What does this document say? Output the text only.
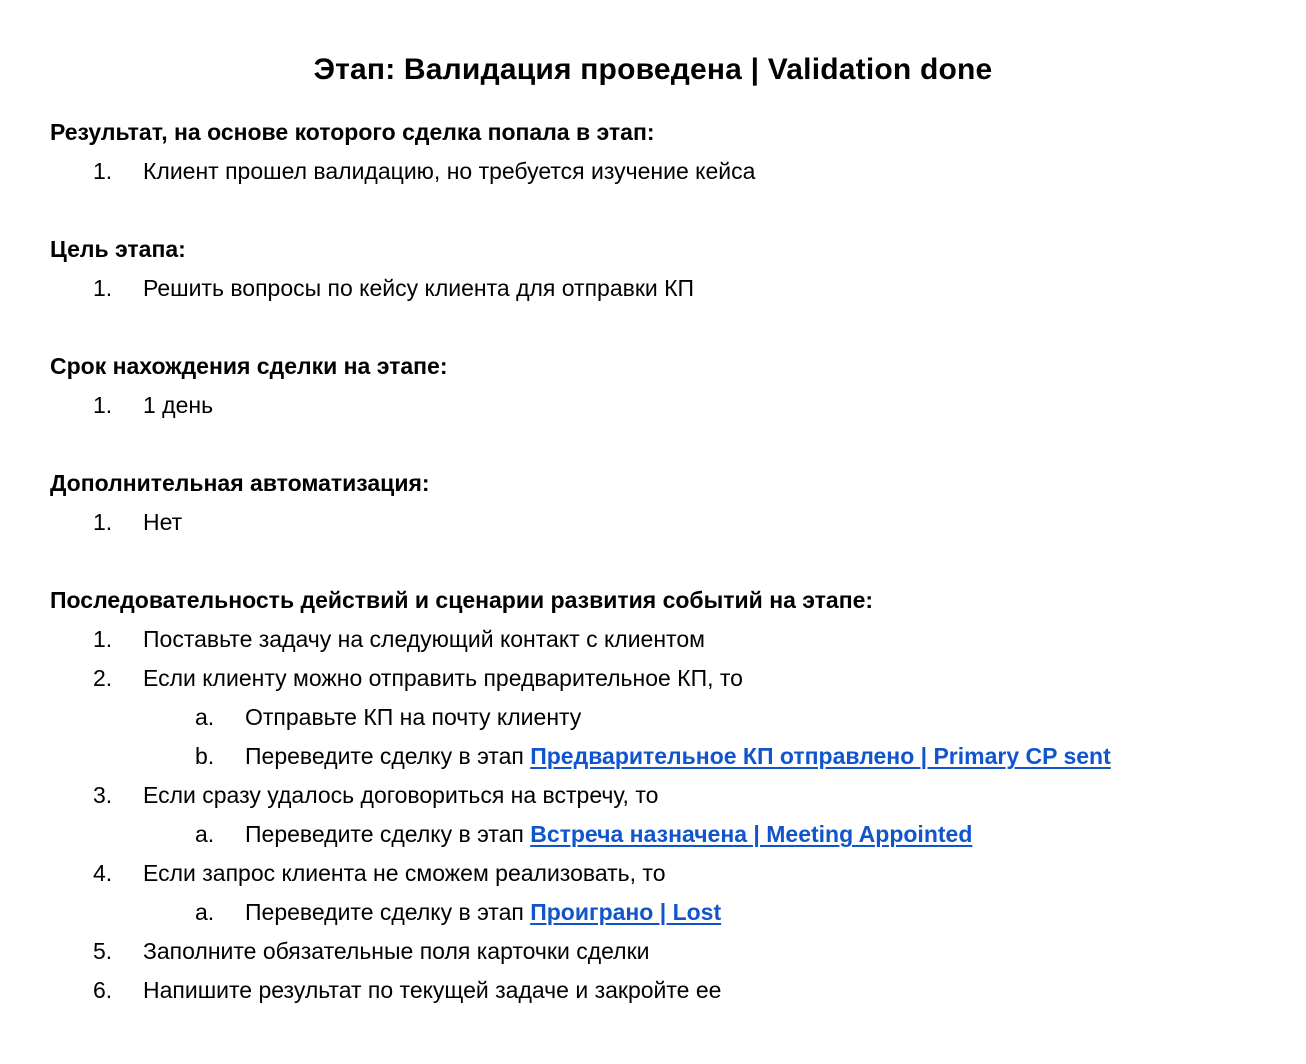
Этап: Валидация проведена | Validation done
Результат, на основе которого сделка попала в этап:
1. Клиент прошел валидацию, но требуется изучение кейса
Цель этапа:
1. Решить вопросы по кейсу клиента для отправки КП
Срок нахождения сделки на этапе:
1. 1 день
Дополнительная автоматизация:
1. Нет
Последовательность действий и сценарии развития событий на этапе:
1. Поставьте задачу на следующий контакт с клиентом
2. Если клиенту можно отправить предварительное КП, то
a. Отправьте КП на почту клиенту
b. Переведите сделку в этап Предварительное КП отправлено | Primary CP sent
3. Если сразу удалось договориться на встречу, то
a. Переведите сделку в этап Встреча назначена | Meeting Appointed
4. Если запрос клиента не сможем реализовать, то
a. Переведите сделку в этап Проиграно | Lost
5. Заполните обязательные поля карточки сделки
6. Напишите результат по текущей задаче и закройте ее
